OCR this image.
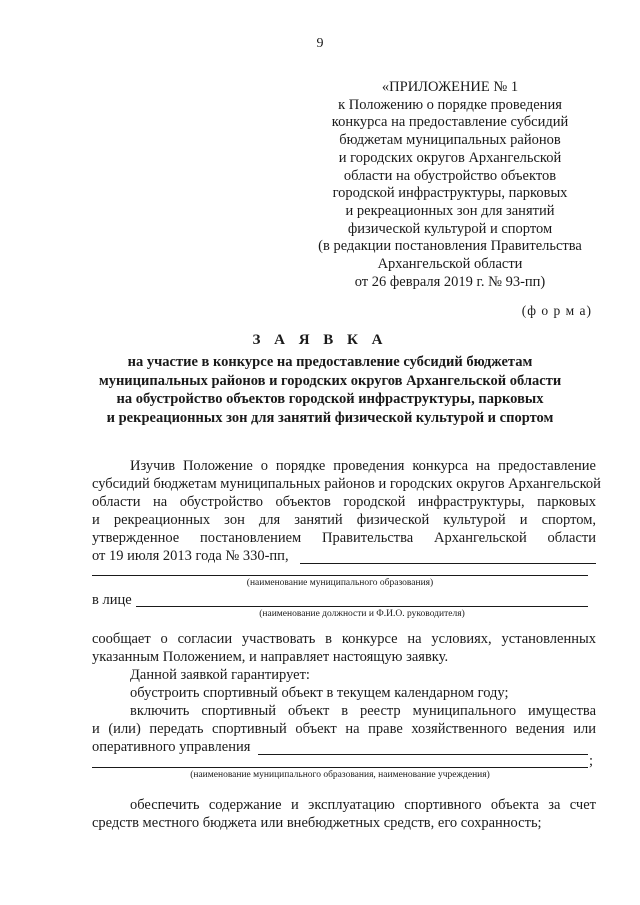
9
«ПРИЛОЖЕНИЕ № 1
к Положению о порядке проведения
конкурса на предоставление субсидий
бюджетам муниципальных районов
и городских округов Архангельской
области на обустройство объектов
городской инфраструктуры, парковых
и рекреационных зон для занятий
физической культурой и спортом
(в редакции постановления Правительства
Архангельской области
от 26 февраля 2019 г. № 93-пп)
(ф о р м а)
З А Я В К А
на участие в конкурсе на предоставление субсидий бюджетам
муниципальных районов и городских округов Архангельской области
на обустройство объектов городской инфраструктуры, парковых
и рекреационных зон для занятий физической культурой и спортом
Изучив Положение о порядке проведения конкурса на предоставление
субсидий бюджетам муниципальных районов и городских округов Архангельской
области на обустройство объектов городской инфраструктуры, парковых
и рекреационных зон для занятий физической культурой и спортом,
утвержденное постановлением Правительства Архангельской области
от 19 июля 2013 года № 330-пп,
(наименование муниципального образования)
в лице
(наименование должности и Ф.И.О. руководителя)
сообщает о согласии участвовать в конкурсе на условиях, установленных
указанным Положением, и направляет настоящую заявку.
Данной заявкой гарантирует:
обустроить спортивный объект в текущем календарном году;
включить спортивный объект в реестр муниципального имущества
и (или) передать спортивный объект на праве хозяйственного ведения или
оперативного управления
;
(наименование муниципального образования, наименование учреждения)
обеспечить содержание и эксплуатацию спортивного объекта за счет
средств местного бюджета или внебюджетных средств, его сохранность;
